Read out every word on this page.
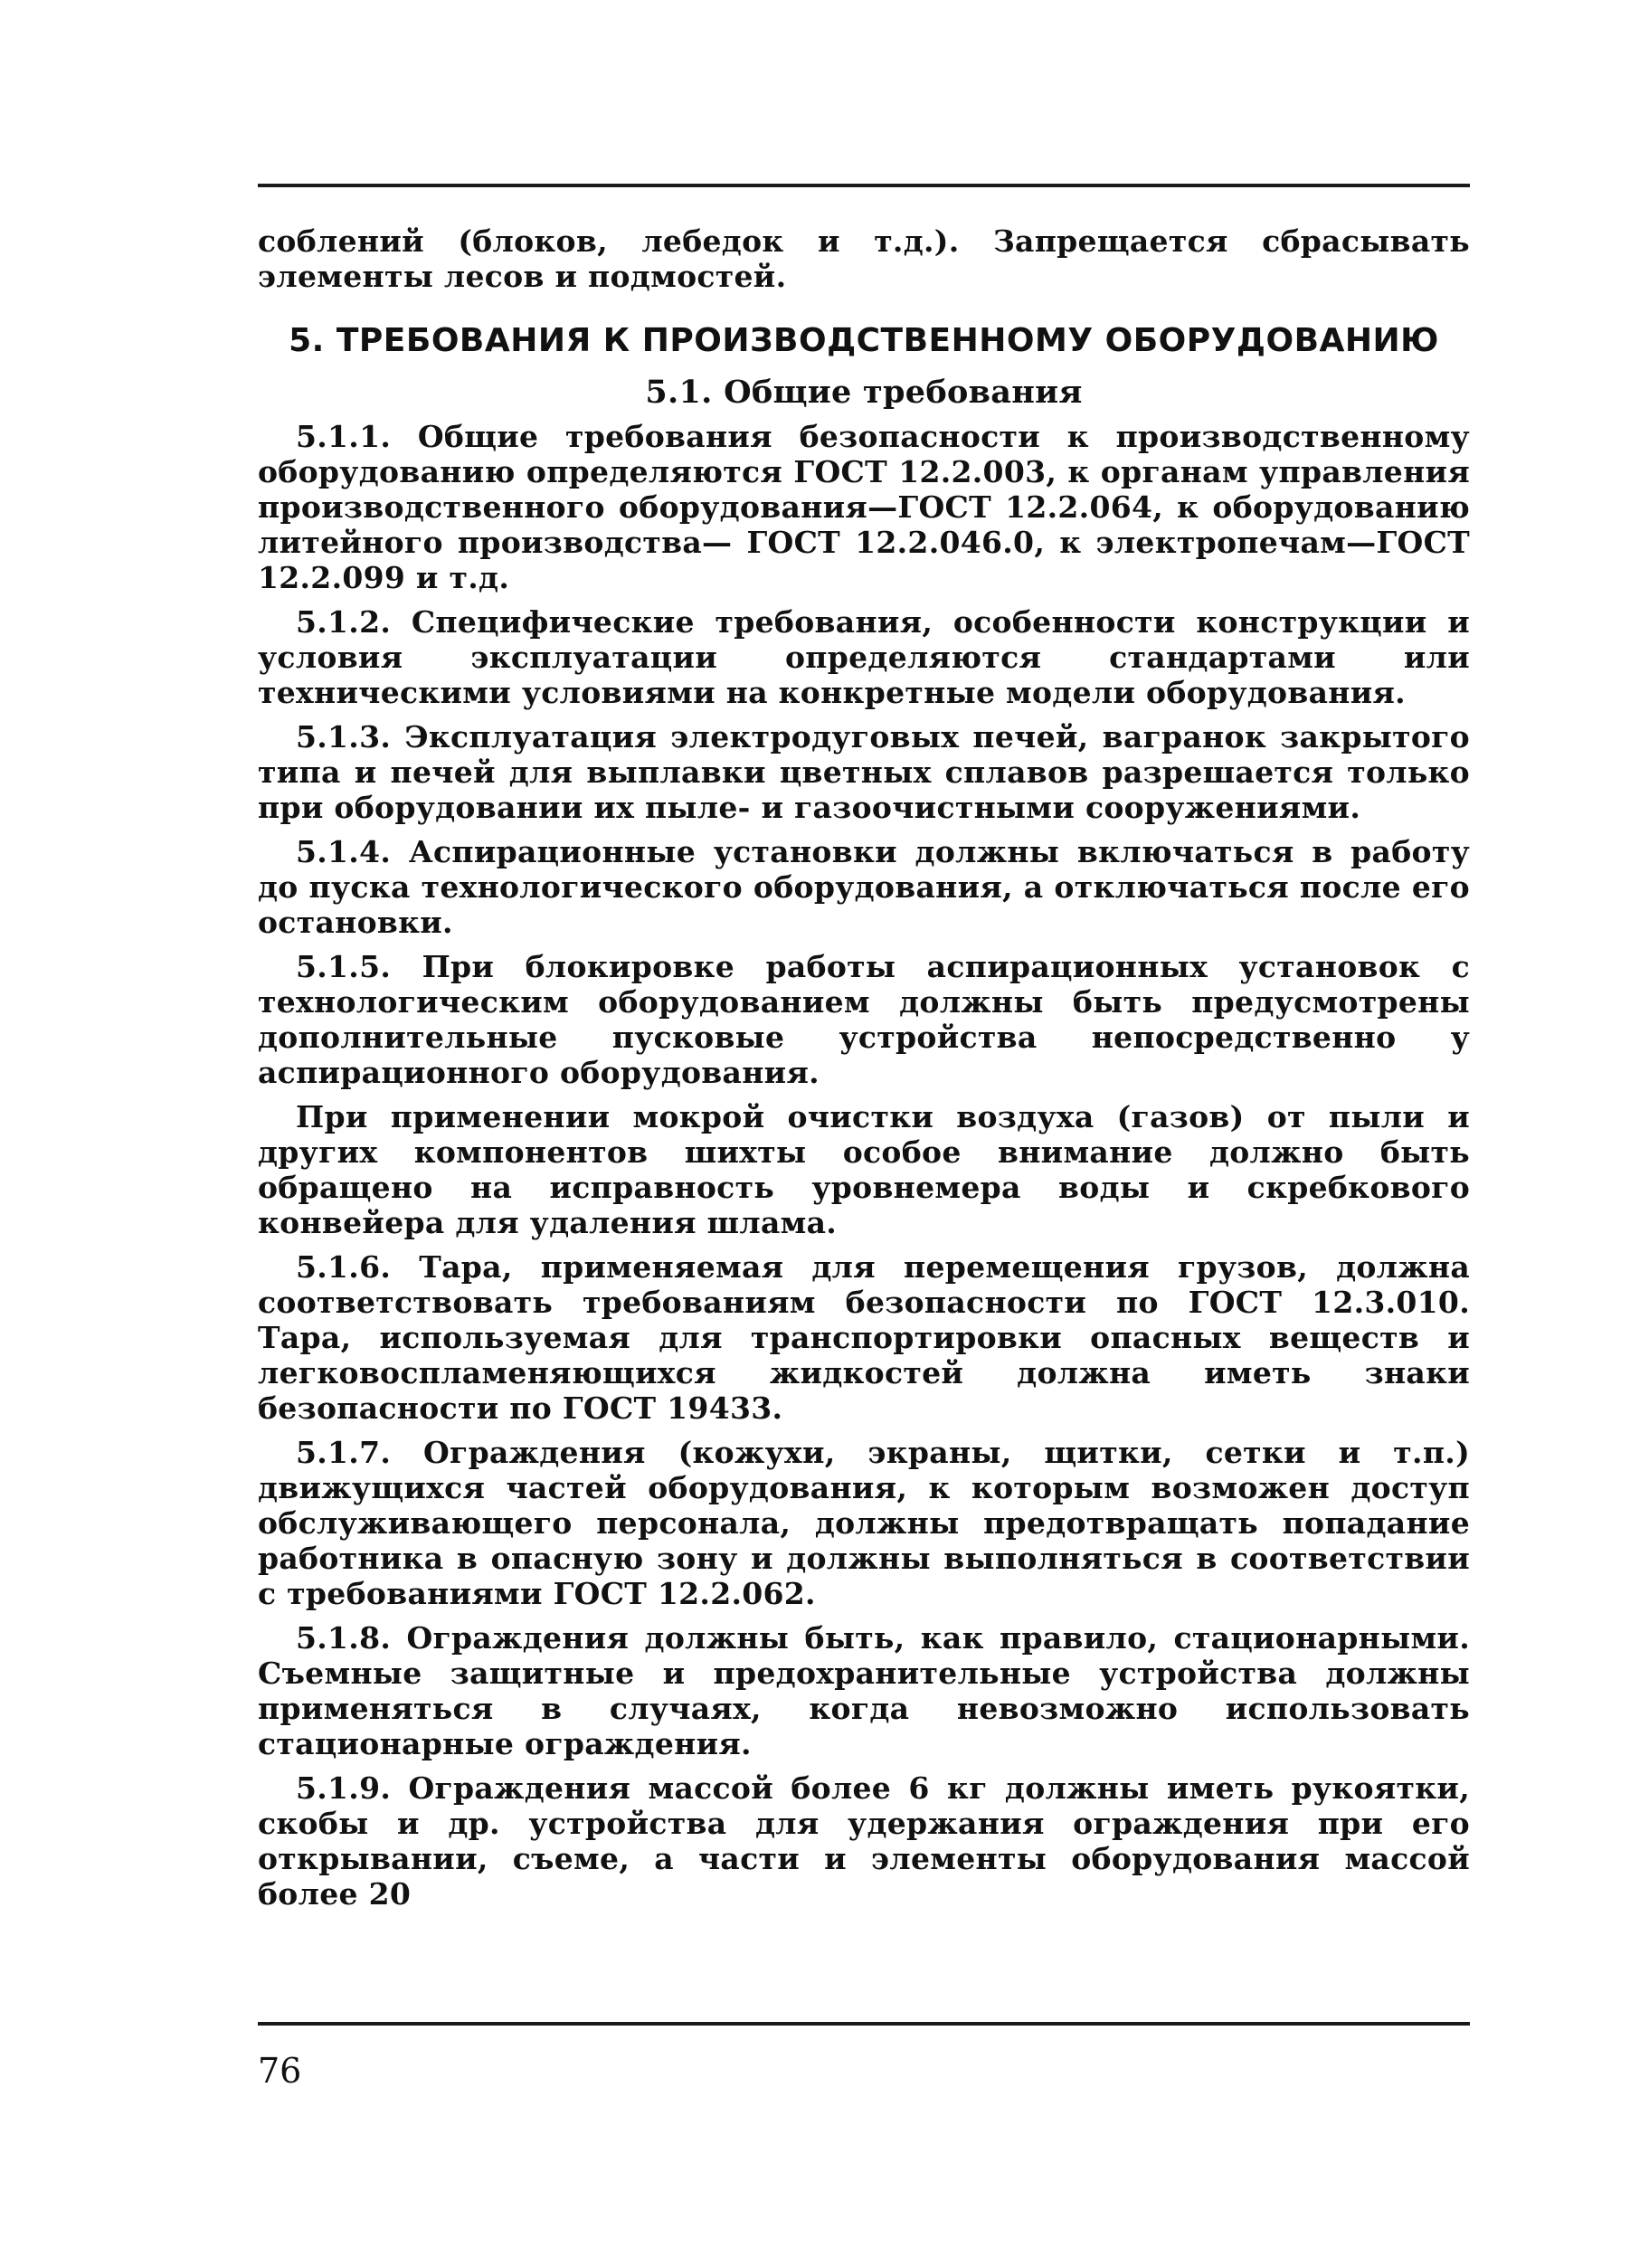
соблений (блоков, лебедок и т.д.). Запрещается сбрасывать элементы лесов и подмостей.

5. ТРЕБОВАНИЯ К ПРОИЗВОДСТВЕННОМУ ОБОРУДОВАНИЮ
5.1. Общие требования

5.1.1. Общие требования безопасности к производственному оборудованию определяются ГОСТ 12.2.003, к органам управления производственного оборудования—ГОСТ 12.2.064, к оборудованию литейного производства— ГОСТ 12.2.046.0, к электропечам—ГОСТ 12.2.099 и т.д.

5.1.2. Специфические требования, особенности конструкции и условия эксплуатации определяются стандартами или техническими условиями на конкретные модели оборудования.

5.1.3. Эксплуатация электродуговых печей, вагранок закрытого типа и печей для выплавки цветных сплавов разрешается только при оборудовании их пыле- и газоочистными сооружениями.

5.1.4. Аспирационные установки должны включаться в работу до пуска технологического оборудования, а отключаться после его остановки.

5.1.5. При блокировке работы аспирационных установок с технологическим оборудованием должны быть предусмотрены дополнительные пусковые устройства непосредственно у аспирационного оборудования.

При применении мокрой очистки воздуха (газов) от пыли и других компонентов шихты особое внимание должно быть обращено на исправность уровнемера воды и скребкового конвейера для удаления шлама.

5.1.6. Тара, применяемая для перемещения грузов, должна соответствовать требованиям безопасности по ГОСТ 12.3.010. Тара, используемая для транспортировки опасных веществ и легковоспламеняющихся жидкостей должна иметь знаки безопасности по ГОСТ 19433.

5.1.7. Ограждения (кожухи, экраны, щитки, сетки и т.п.) движущихся частей оборудования, к которым возможен доступ обслуживающего персонала, должны предотвращать попадание работника в опасную зону и должны выполняться в соответствии с требованиями ГОСТ 12.2.062.

5.1.8. Ограждения должны быть, как правило, стационарными. Съемные защитные и предохранительные устройства должны применяться в случаях, когда невозможно использовать стационарные ограждения.

5.1.9. Ограждения массой более 6 кг должны иметь рукоятки, скобы и др. устройства для удержания ограждения при его открывании, съеме, а части и элементы оборудования массой более 20

76
